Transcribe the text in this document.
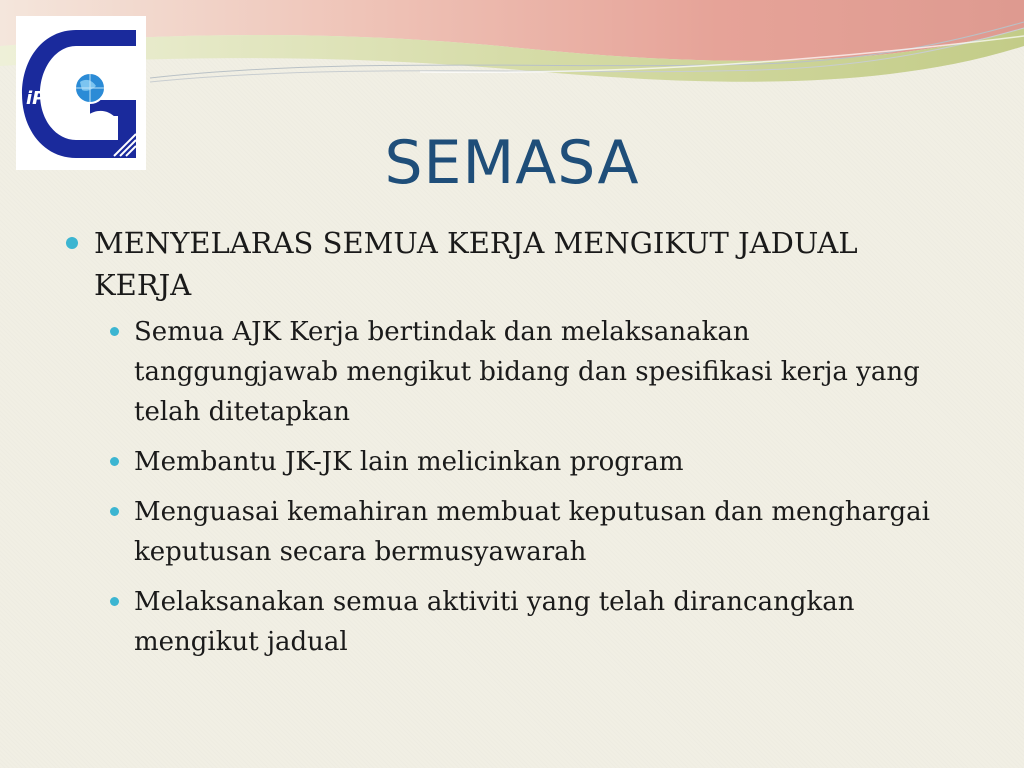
iPG
SEMASA
MENYELARAS SEMUA KERJA MENGIKUT JADUAL KERJA
Semua AJK Kerja bertindak dan melaksanakan tanggungjawab mengikut bidang dan spesifikasi kerja yang telah ditetapkan
Membantu JK-JK lain melicinkan program
Menguasai kemahiran membuat keputusan dan menghargai keputusan secara bermusyawarah
Melaksanakan semua aktiviti yang telah dirancangkan mengikut jadual
